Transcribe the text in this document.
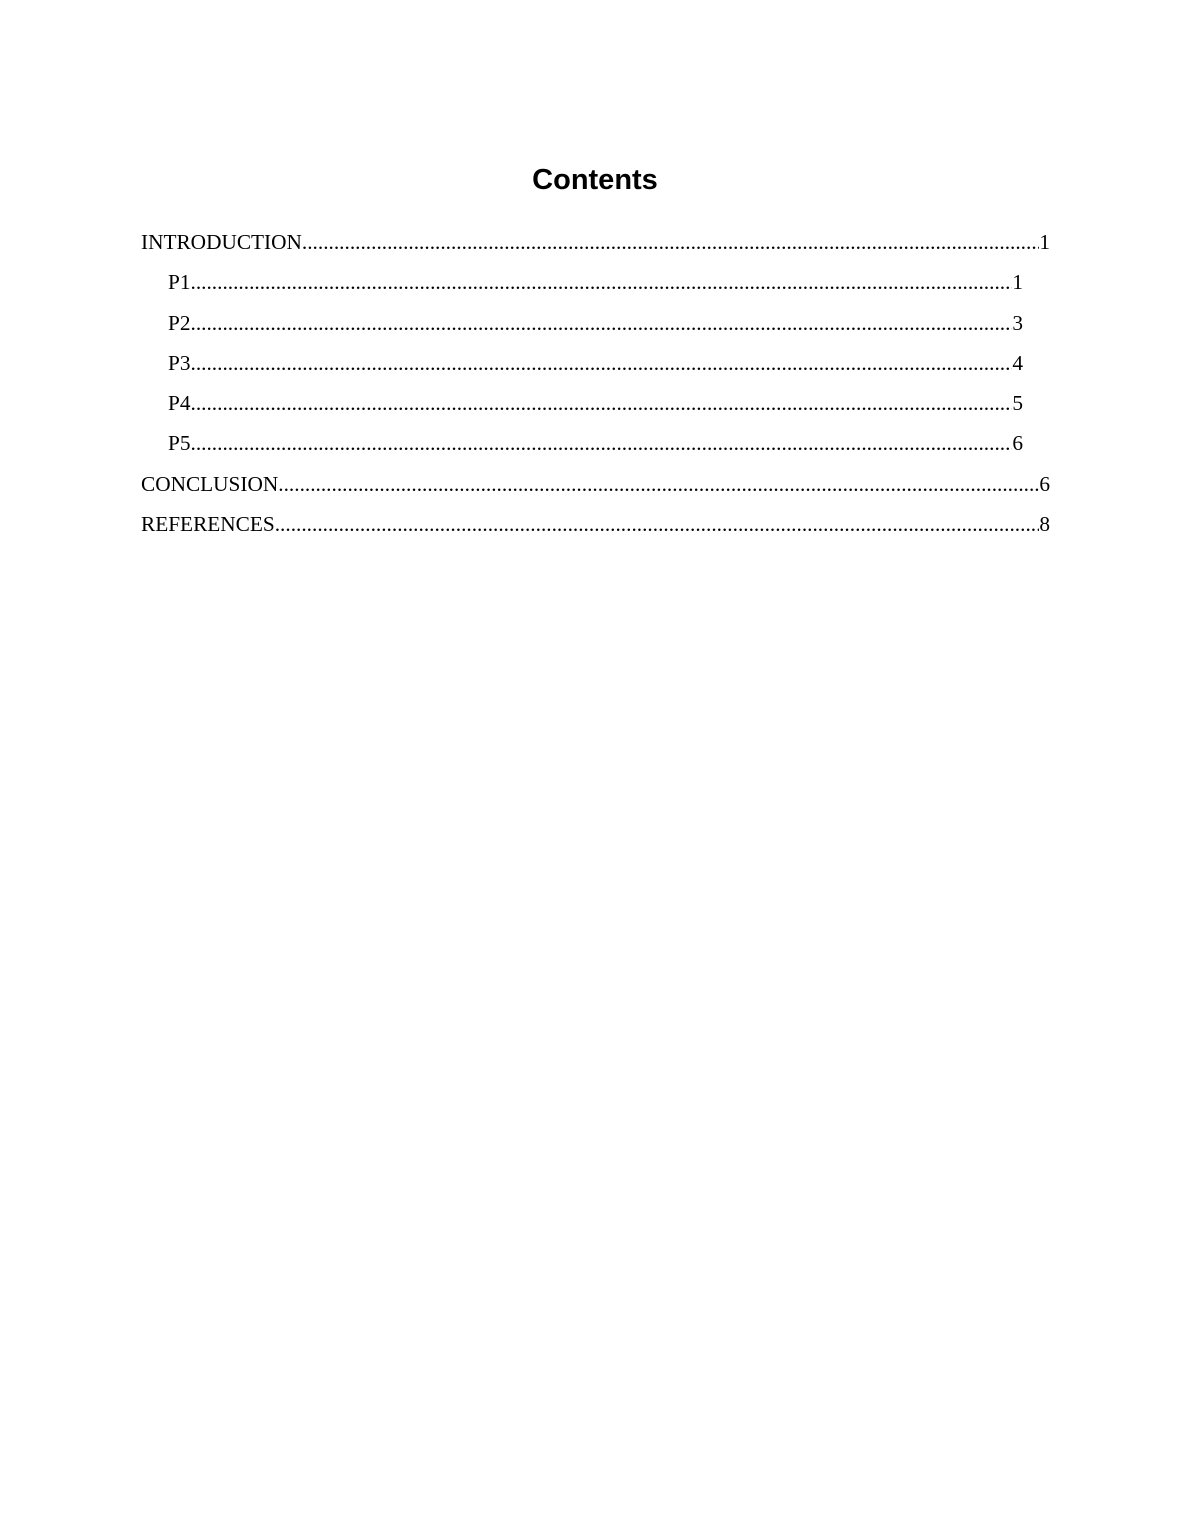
Contents
INTRODUCTION .....	1
P1 .....	1
P2 .....	3
P3 .....	4
P4 .....	5
P5 .....	6
CONCLUSION .....	6
REFERENCES .....	8
